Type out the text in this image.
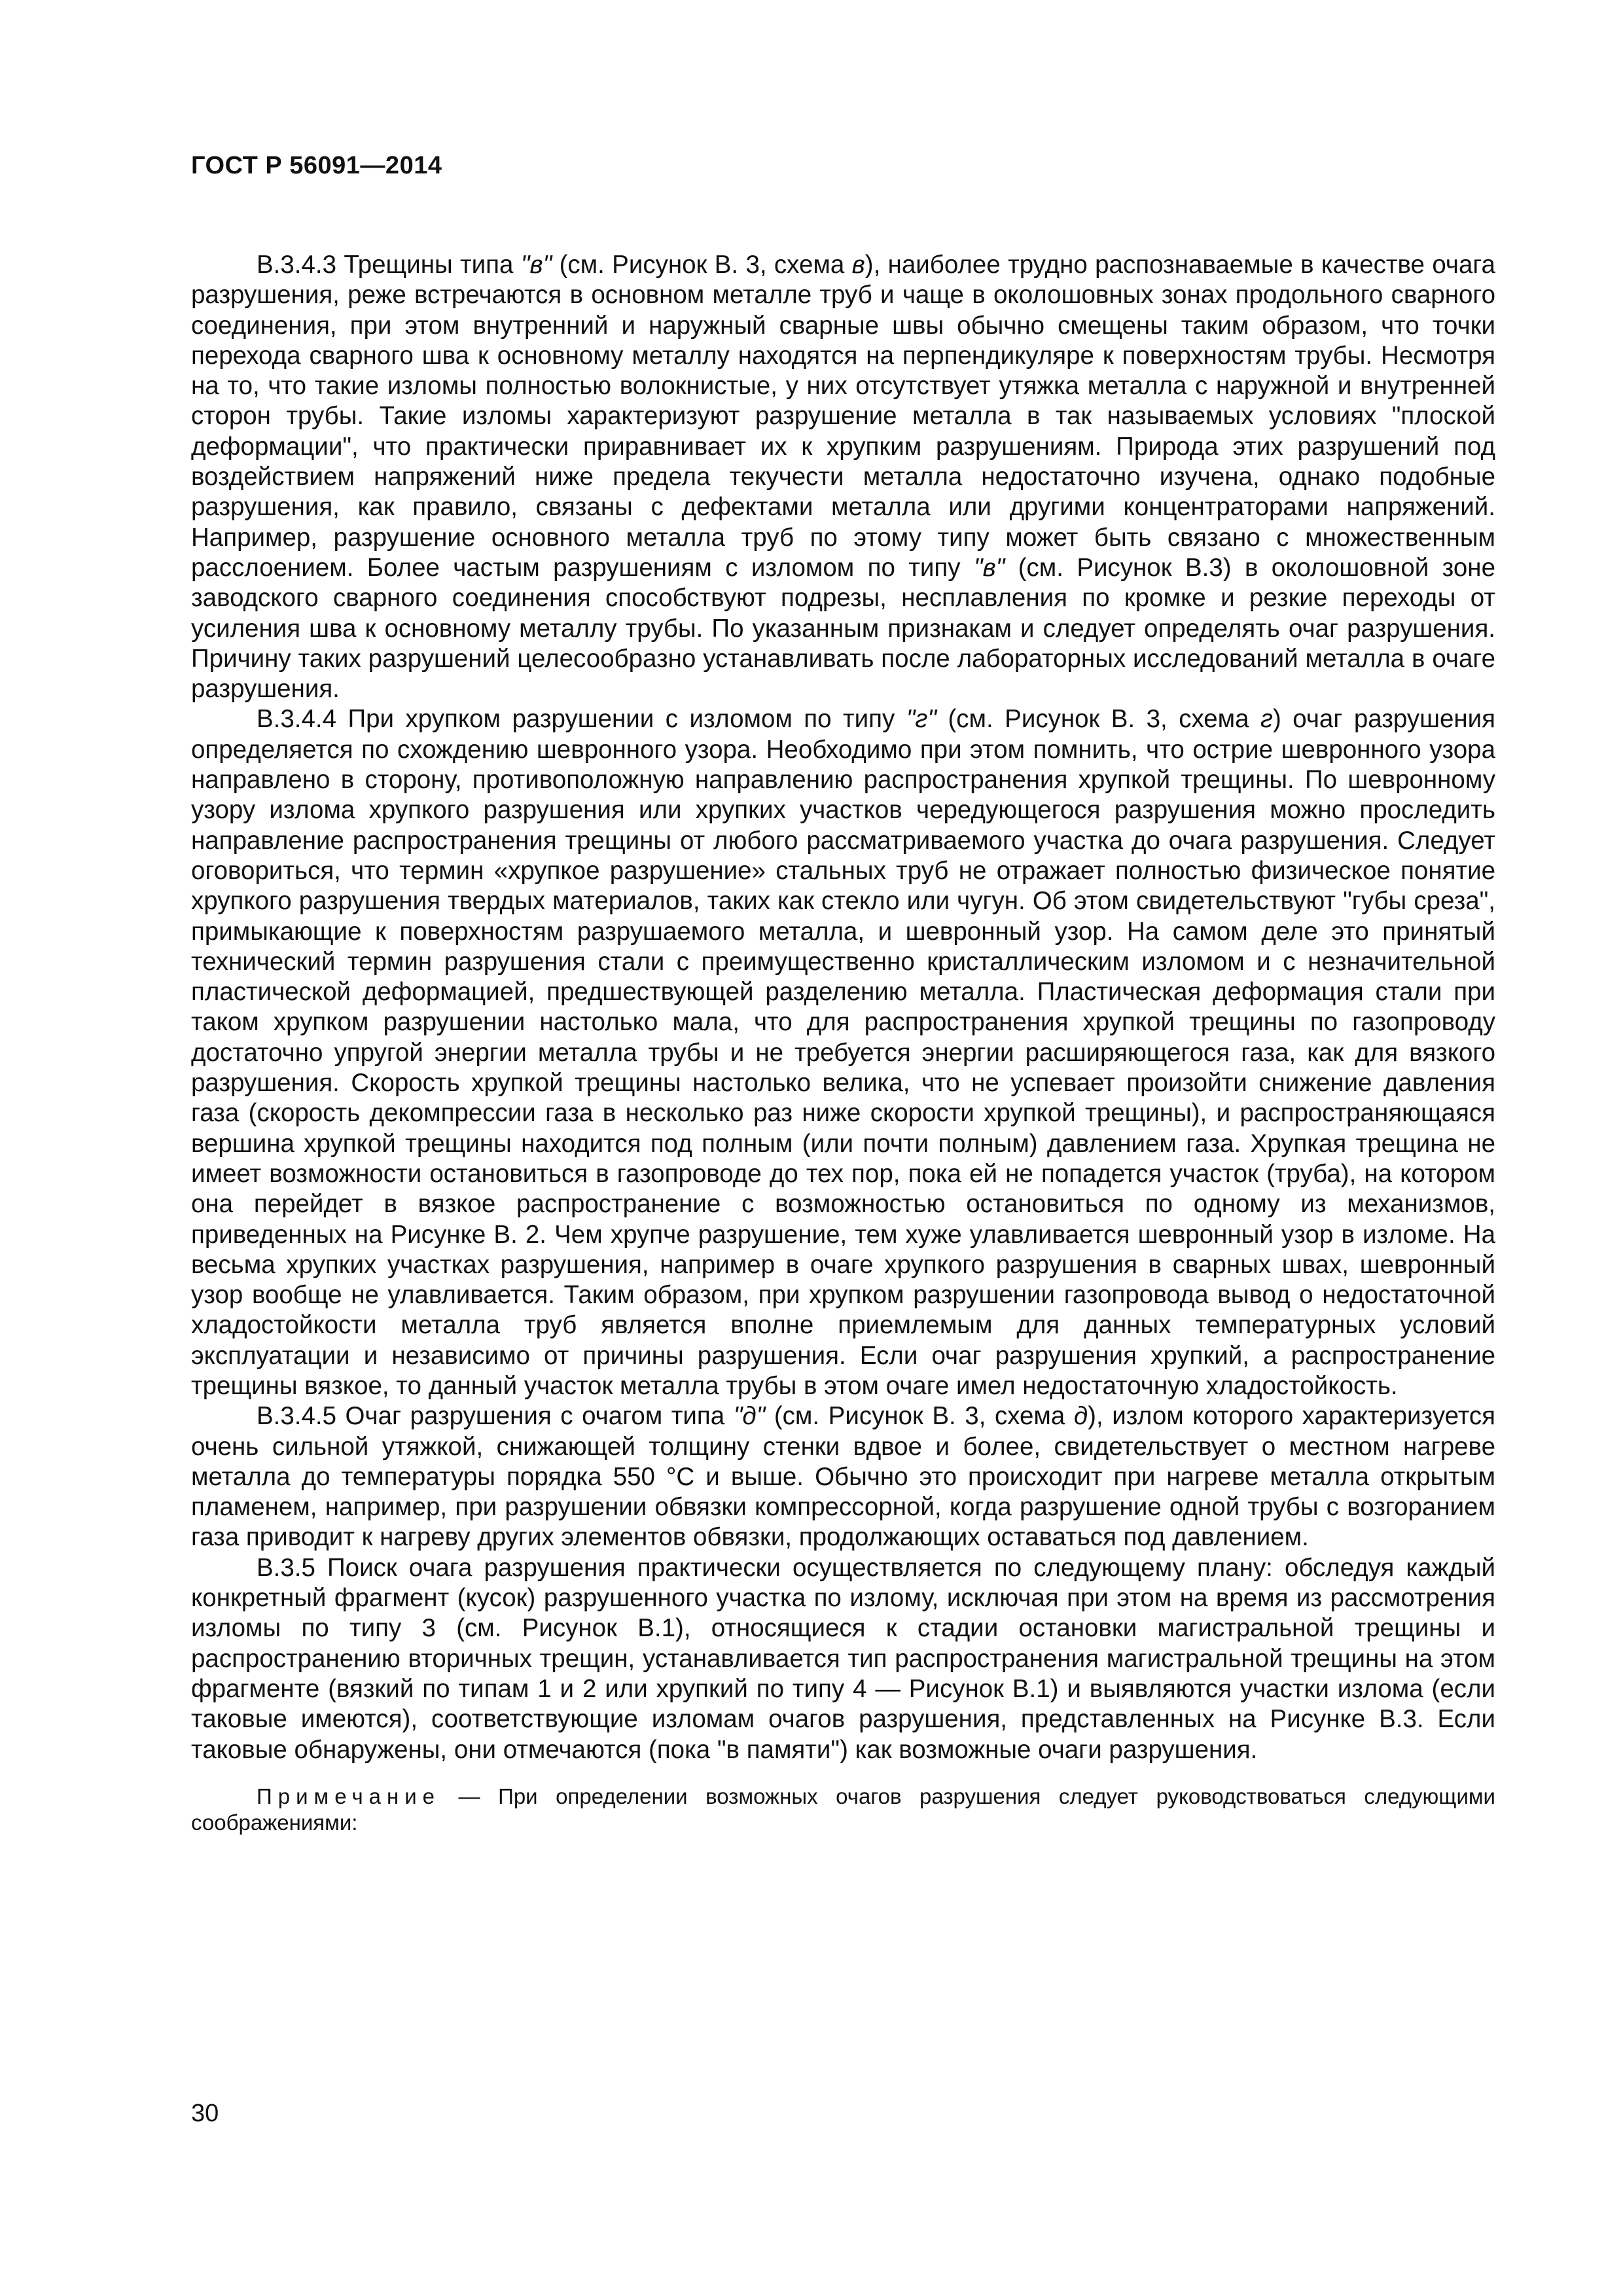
ГОСТ Р 56091—2014

В.3.4.3 Трещины типа "в" (см. Рисунок В. 3, схема в), наиболее трудно распознаваемые в качестве очага разрушения, реже встречаются в основном металле труб и чаще в околошовных зонах продольного сварного соединения, при этом внутренний и наружный сварные швы обычно смещены таким образом, что точки перехода сварного шва к основному металлу находятся на перпендикуляре к поверхностям трубы. Несмотря на то, что такие изломы полностью волокнистые, у них отсутствует утяжка металла с наружной и внутренней сторон трубы. Такие изломы характеризуют разрушение металла в так называемых условиях "плоской деформации", что практически приравнивает их к хрупким разрушениям. Природа этих разрушений под воздействием напряжений ниже предела текучести металла недостаточно изучена, однако подобные разрушения, как правило, связаны с дефектами металла или другими концентраторами напряжений. Например, разрушение основного металла труб по этому типу может быть связано с множественным расслоением. Более частым разрушениям с изломом по типу "в" (см. Рисунок В.3) в околошовной зоне заводского сварного соединения способствуют подрезы, несплавления по кромке и резкие переходы от усиления шва к основному металлу трубы. По указанным признакам и следует определять очаг разрушения. Причину таких разрушений целесообразно устанавливать после лабораторных исследований металла в очаге разрушения.

В.3.4.4 При хрупком разрушении с изломом по типу "г" (см. Рисунок В. 3, схема г) очаг разрушения определяется по схождению шевронного узора. Необходимо при этом помнить, что острие шевронного узора направлено в сторону, противоположную направлению распространения хрупкой трещины. По шевронному узору излома хрупкого разрушения или хрупких участков чередующегося разрушения можно проследить направление распространения трещины от любого рассматриваемого участка до очага разрушения. Следует оговориться, что термин «хрупкое разрушение» стальных труб не отражает полностью физическое понятие хрупкого разрушения твердых материалов, таких как стекло или чугун. Об этом свидетельствуют "губы среза", примыкающие к поверхностям разрушаемого металла, и шевронный узор. На самом деле это принятый технический термин разрушения стали с преимущественно кристаллическим изломом и с незначительной пластической деформацией, предшествующей разделению металла. Пластическая деформация стали при таком хрупком разрушении настолько мала, что для распространения хрупкой трещины по газопроводу достаточно упругой энергии металла трубы и не требуется энергии расширяющегося газа, как для вязкого разрушения. Скорость хрупкой трещины настолько велика, что не успевает произойти снижение давления газа (скорость декомпрессии газа в несколько раз ниже скорости хрупкой трещины), и распространяющаяся вершина хрупкой трещины находится под полным (или почти полным) давлением газа. Хрупкая трещина не имеет возможности остановиться в газопроводе до тех пор, пока ей не попадется участок (труба), на котором она перейдет в вязкое распространение с возможностью остановиться по одному из механизмов, приведенных на Рисунке В. 2. Чем хрупче разрушение, тем хуже улавливается шевронный узор в изломе. На весьма хрупких участках разрушения, например в очаге хрупкого разрушения в сварных швах, шевронный узор вообще не улавливается. Таким образом, при хрупком разрушении газопровода вывод о недостаточной хладостойкости металла труб является вполне приемлемым для данных температурных условий эксплуатации и независимо от причины разрушения. Если очаг разрушения хрупкий, а распространение трещины вязкое, то данный участок металла трубы в этом очаге имел недостаточную хладостойкость.

В.3.4.5 Очаг разрушения с очагом типа "д" (см. Рисунок В. 3, схема д), излом которого характеризуется очень сильной утяжкой, снижающей толщину стенки вдвое и более, свидетельствует о местном нагреве металла до температуры порядка 550 °С и выше. Обычно это происходит при нагреве металла открытым пламенем, например, при разрушении обвязки компрессорной, когда разрушение одной трубы с возгоранием газа приводит к нагреву других элементов обвязки, продолжающих оставаться под давлением.

В.3.5 Поиск очага разрушения практически осуществляется по следующему плану: обследуя каждый конкретный фрагмент (кусок) разрушенного участка по излому, исключая при этом на время из рассмотрения изломы по типу 3 (см. Рисунок В.1), относящиеся к стадии остановки магистральной трещины и распространению вторичных трещин, устанавливается тип распространения магистральной трещины на этом фрагменте (вязкий по типам 1 и 2 или хрупкий по типу 4 — Рисунок В.1) и выявляются участки излома (если таковые имеются), соответствующие изломам очагов разрушения, представленных на Рисунке В.3. Если таковые обнаружены, они отмечаются (пока "в памяти") как возможные очаги разрушения.

Примечание — При определении возможных очагов разрушения следует руководствоваться следующими соображениями:

30
